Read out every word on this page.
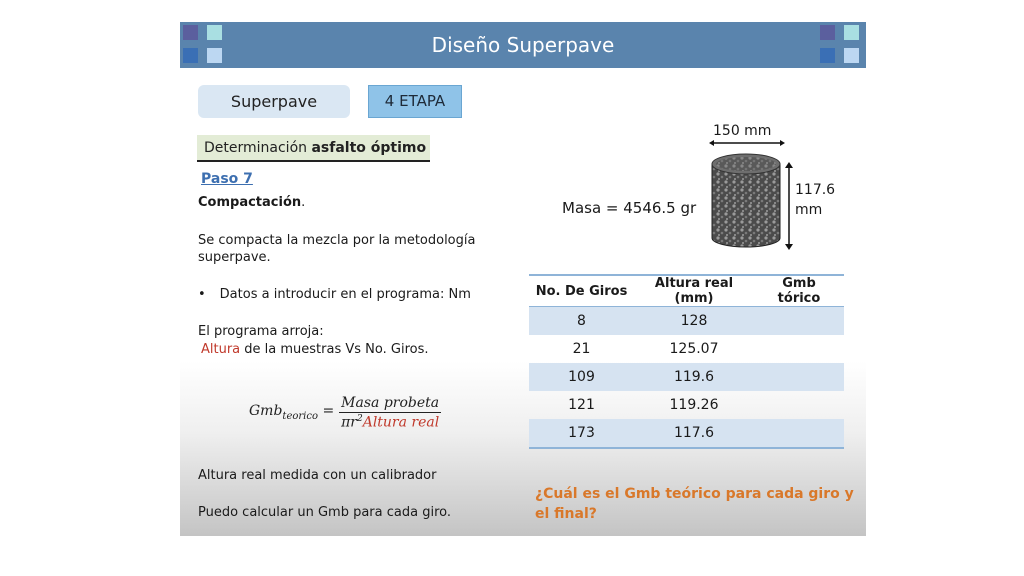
Diseño Superpave
Superpave	4 ETAPA
Determinación asfalto óptimo
Paso 7
Compactación.
Se compacta la mezcla por la metodología
superpave.
• Datos a introducir en el programa: Nm
El programa arroja:
Altura de la muestras Vs No. Giros.
Gmb$_{teorico}$ =	
Masa probeta
$\pi r^2Altura$ real
Altura real medida con un calibrador
Puedo calcular un Gmb para cada giro.
Masa = 4546.5 gr
150 mm
117.6
mm
No. De Giros	Altura real (mm)	Gmb tórico
8	128	
21	125.07	
109	119.6	
121	119.26	
173	117.6	
¿Cuál es el Gmb teórico para cada giro y el final?
